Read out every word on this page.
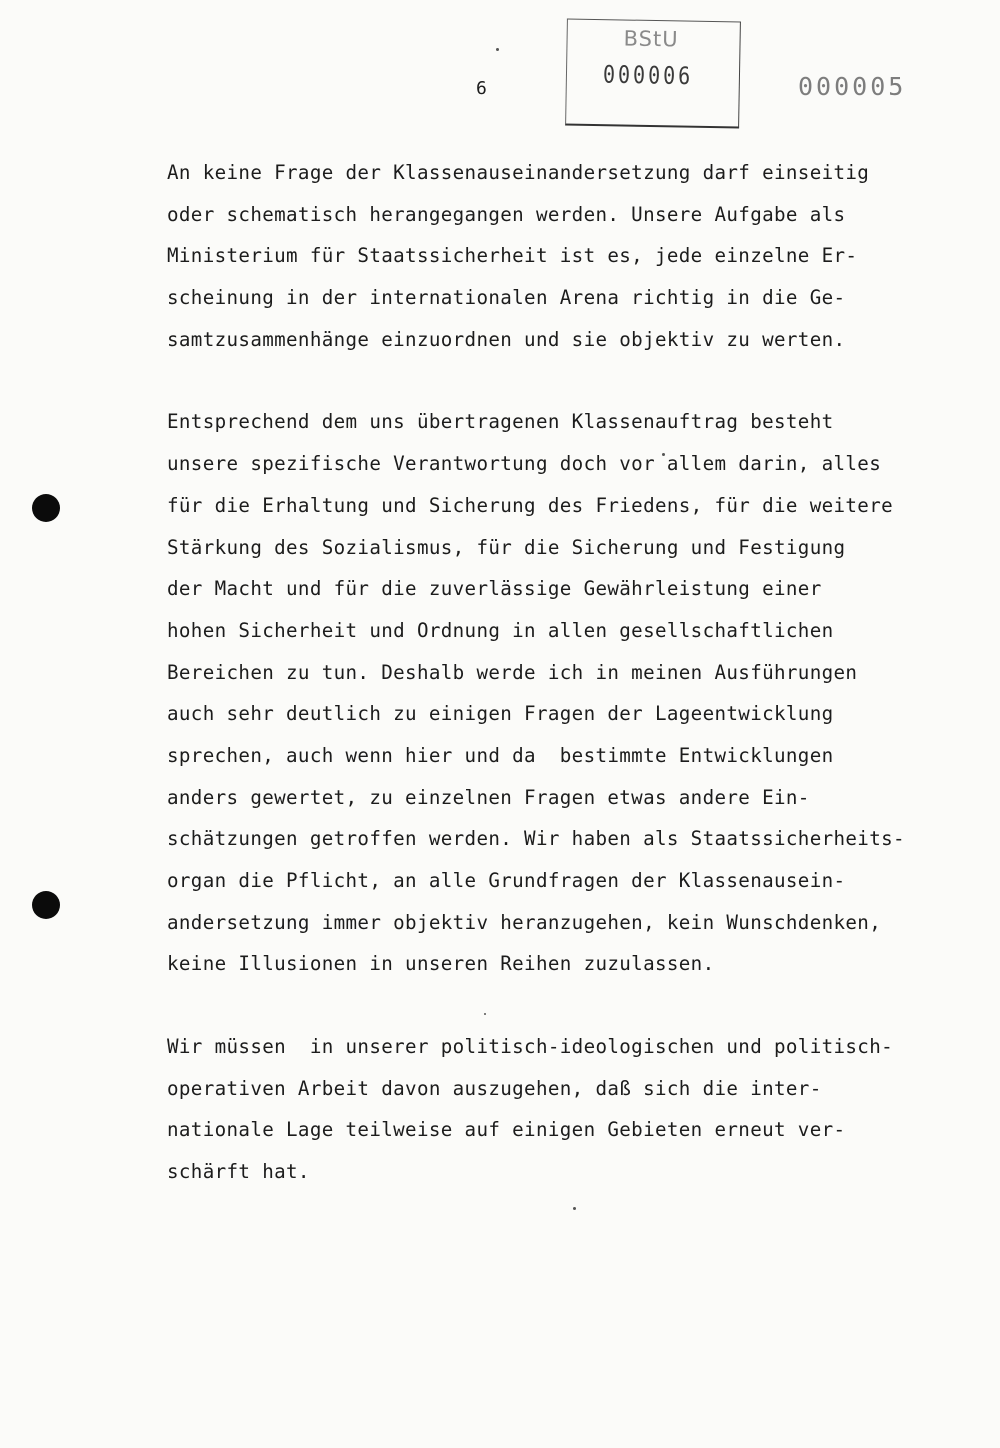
6
BStU
000006	000005
An keine Frage der Klassenauseinandersetzung darf einseitig
oder schematisch herangegangen werden. Unsere Aufgabe als
Ministerium für Staatssicherheit ist es, jede einzelne Er-
scheinung in der internationalen Arena richtig in die Ge-
samtzusammenhänge einzuordnen und sie objektiv zu werten.
Entsprechend dem uns übertragenen Klassenauftrag besteht
unsere spezifische Verantwortung doch vor allem darin, alles
für die Erhaltung und Sicherung des Friedens, für die weitere
Stärkung des Sozialismus, für die Sicherung und Festigung
der Macht und für die zuverlässige Gewährleistung einer
hohen Sicherheit und Ordnung in allen gesellschaftlichen
Bereichen zu tun. Deshalb werde ich in meinen Ausführungen
auch sehr deutlich zu einigen Fragen der Lageentwicklung
sprechen, auch wenn hier und da  bestimmte Entwicklungen
anders gewertet, zu einzelnen Fragen etwas andere Ein-
schätzungen getroffen werden. Wir haben als Staatssicherheits-
organ die Pflicht, an alle Grundfragen der Klassenausein-
andersetzung immer objektiv heranzugehen, kein Wunschdenken,
keine Illusionen in unseren Reihen zuzulassen.
Wir müssen  in unserer politisch-ideologischen und politisch-
operativen Arbeit davon auszugehen, daß sich die inter-
nationale Lage teilweise auf einigen Gebieten erneut ver-
schärft hat.
